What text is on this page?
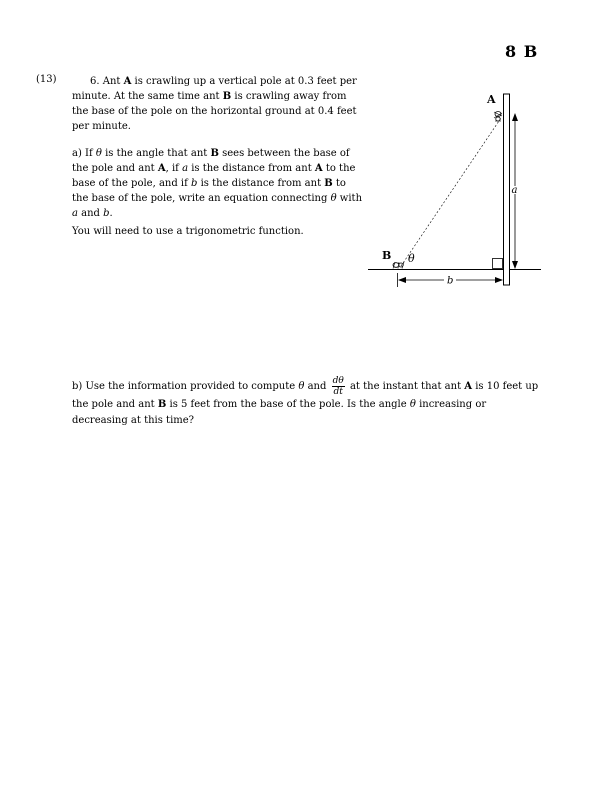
8 B
(13)	6. Ant A is crawling up a vertical pole at 0.3 feet per minute. At the same time ant B is crawling away from the base of the pole on the horizontal ground at 0.4 feet per minute.
a) If θ is the angle that ant B sees between the base of the pole and ant A, if a is the distance from ant A to the base of the pole, and if b is the distance from ant B to the base of the pole, write an equation connecting θ with a and b.
You will need to use a trigonometric function.
b) Use the information provided to compute θ and $\frac{d\theta}{dt}$ at the instant that ant A is 10 feet up the pole and ant B is 5 feet from the base of the pole. Is the angle θ increasing or decreasing at this time?
a
b
A
B θ
